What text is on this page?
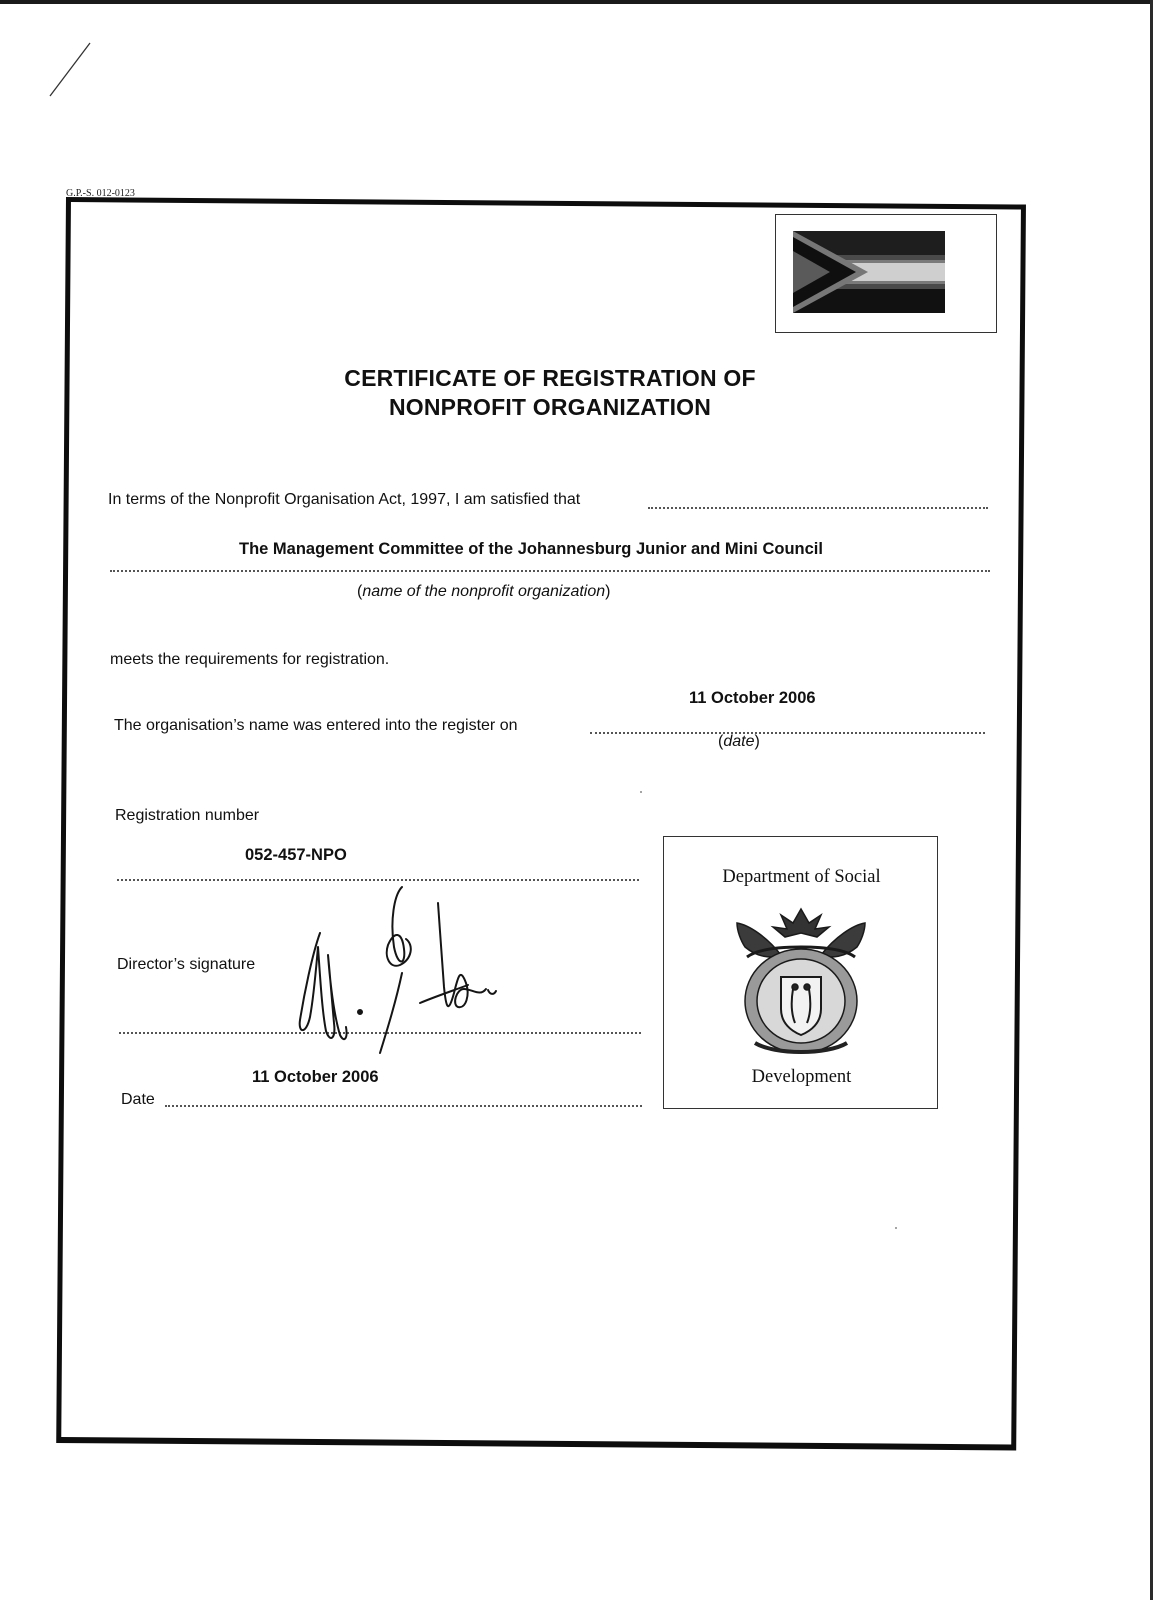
G.P.-S. 012-0123
CERTIFICATE OF REGISTRATION OF
NONPROFIT ORGANIZATION
In terms of the Nonprofit Organisation Act, 1997, I am satisfied that
The Management Committee of the Johannesburg Junior and Mini Council
(name of the nonprofit organization)
meets the requirements for registration.
11 October 2006
The organisation’s name was entered into the register on
(date)
Registration number
052-457-NPO
Director’s signature
11 October 2006
Date
Department of Social
Development
